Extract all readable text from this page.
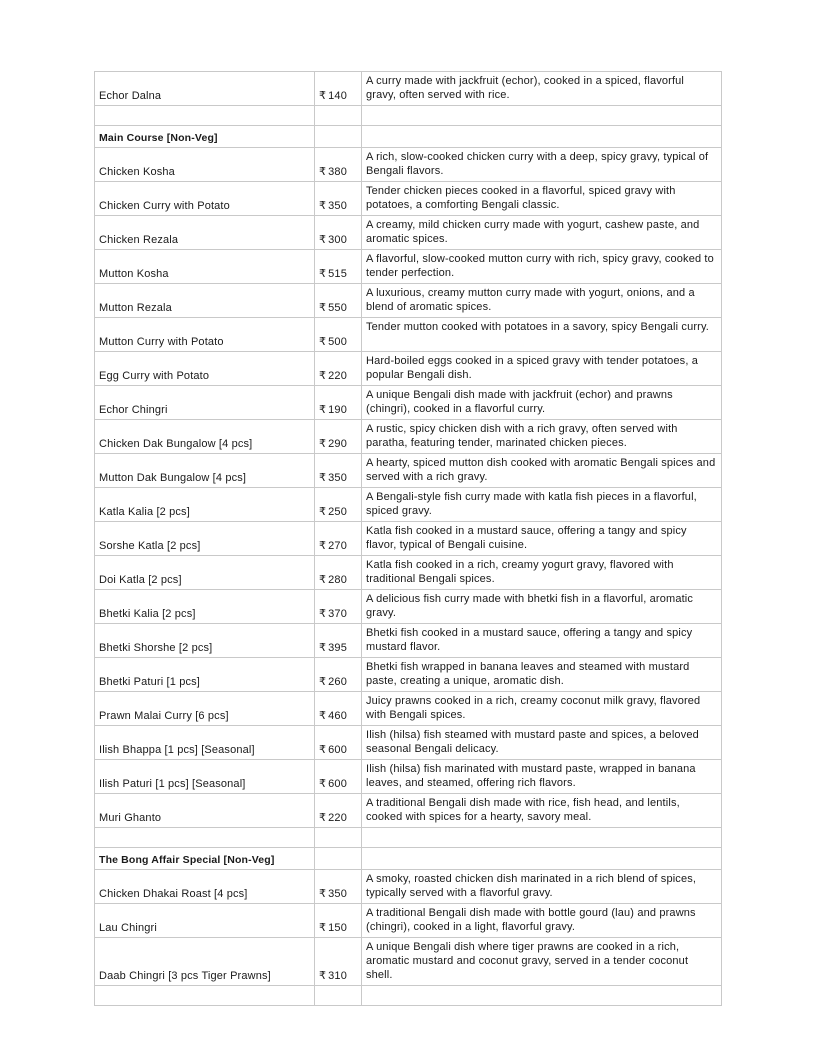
Echor Dalna	₹ 140	A curry made with jackfruit (echor), cooked in a spiced, flavorful gravy, often served with rice.

Main Course [Non-Veg]		
Chicken Kosha	₹ 380	A rich, slow-cooked chicken curry with a deep, spicy gravy, typical of Bengali flavors.
Chicken Curry with Potato	₹ 350	Tender chicken pieces cooked in a flavorful, spiced gravy with potatoes, a comforting Bengali classic.
Chicken Rezala	₹ 300	A creamy, mild chicken curry made with yogurt, cashew paste, and aromatic spices.
Mutton Kosha	₹ 515	A flavorful, slow-cooked mutton curry with rich, spicy gravy, cooked to tender perfection.
Mutton Rezala	₹ 550	A luxurious, creamy mutton curry made with yogurt, onions, and a blend of aromatic spices.
Mutton Curry with Potato	₹ 500	Tender mutton cooked with potatoes in a savory, spicy Bengali curry.
Egg Curry with Potato	₹ 220	Hard-boiled eggs cooked in a spiced gravy with tender potatoes, a popular Bengali dish.
Echor Chingri	₹ 190	A unique Bengali dish made with jackfruit (echor) and prawns (chingri), cooked in a flavorful curry.
Chicken Dak Bungalow [4 pcs]	₹ 290	A rustic, spicy chicken dish with a rich gravy, often served with paratha, featuring tender, marinated chicken pieces.
Mutton Dak Bungalow [4 pcs]	₹ 350	A hearty, spiced mutton dish cooked with aromatic Bengali spices and served with a rich gravy.
Katla Kalia [2 pcs]	₹ 250	A Bengali-style fish curry made with katla fish pieces in a flavorful, spiced gravy.
Sorshe Katla [2 pcs]	₹ 270	Katla fish cooked in a mustard sauce, offering a tangy and spicy flavor, typical of Bengali cuisine.
Doi Katla [2 pcs]	₹ 280	Katla fish cooked in a rich, creamy yogurt gravy, flavored with traditional Bengali spices.
Bhetki Kalia [2 pcs]	₹ 370	A delicious fish curry made with bhetki fish in a flavorful, aromatic gravy.
Bhetki Shorshe [2 pcs]	₹ 395	Bhetki fish cooked in a mustard sauce, offering a tangy and spicy mustard flavor.
Bhetki Paturi [1 pcs]	₹ 260	Bhetki fish wrapped in banana leaves and steamed with mustard paste, creating a unique, aromatic dish.
Prawn Malai Curry [6 pcs]	₹ 460	Juicy prawns cooked in a rich, creamy coconut milk gravy, flavored with Bengali spices.
Ilish Bhappa [1 pcs] [Seasonal]	₹ 600	Ilish (hilsa) fish steamed with mustard paste and spices, a beloved seasonal Bengali delicacy.
Ilish Paturi [1 pcs] [Seasonal]	₹ 600	Ilish (hilsa) fish marinated with mustard paste, wrapped in banana leaves, and steamed, offering rich flavors.
Muri Ghanto	₹ 220	A traditional Bengali dish made with rice, fish head, and lentils, cooked with spices for a hearty, savory meal.

The Bong Affair Special [Non-Veg]		
Chicken Dhakai Roast [4 pcs]	₹ 350	A smoky, roasted chicken dish marinated in a rich blend of spices, typically served with a flavorful gravy.
Lau Chingri	₹ 150	A traditional Bengali dish made with bottle gourd (lau) and prawns (chingri), cooked in a light, flavorful gravy.
Daab Chingri [3 pcs Tiger Prawns]	₹ 310	A unique Bengali dish where tiger prawns are cooked in a rich, aromatic mustard and coconut gravy, served in a tender coconut shell.
